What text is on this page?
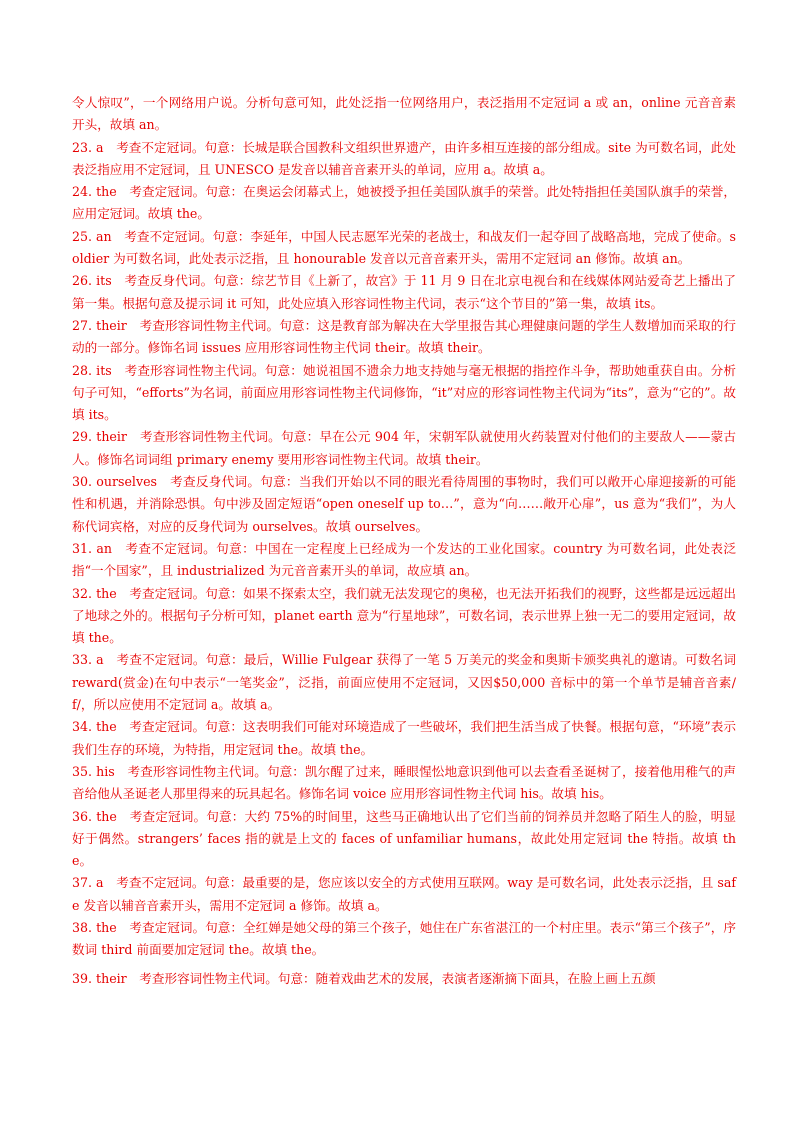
令人惊叹”，一个网络用户说。分析句意可知，此处泛指一位网络用户，表泛指用不定冠词 a 或 an，online 元音音素开头，故填 an。

23. a　考查不定冠词。句意：长城是联合国教科文组织世界遗产，由许多相互连接的部分组成。site 为可数名词，此处表泛指应用不定冠词，且 UNESCO 是发音以辅音音素开头的单词，应用 a。故填 a。

24. the　考查定冠词。句意：在奥运会闭幕式上，她被授予担任美国队旗手的荣誉。此处特指担任美国队旗手的荣誉，应用定冠词。故填 the。

25. an　考查不定冠词。句意：李延年，中国人民志愿军光荣的老战士，和战友们一起夺回了战略高地，完成了使命。soldier 为可数名词，此处表示泛指，且 honourable 发音以元音音素开头，需用不定冠词 an 修饰。故填 an。

26. its　考查反身代词。句意：综艺节目《上新了，故宫》于 11 月 9 日在北京电视台和在线媒体网站爱奇艺上播出了第一集。根据句意及提示词 it 可知，此处应填入形容词性物主代词，表示“这个节目的”第一集，故填 its。

27. their　考查形容词性物主代词。句意：这是教育部为解决在大学里报告其心理健康问题的学生人数增加而采取的行动的一部分。修饰名词 issues 应用形容词性物主代词 their。故填 their。

28. its　考查形容词性物主代词。句意：她说祖国不遗余力地支持她与毫无根据的指控作斗争，帮助她重获自由。分析句子可知，“efforts”为名词，前面应用形容词性物主代词修饰，“it”对应的形容词性物主代词为“its”，意为“它的”。故填 its。

29. their　考查形容词性物主代词。句意：早在公元 904 年，宋朝军队就使用火药装置对付他们的主要敌人——蒙古人。修饰名词词组 primary enemy 要用形容词性物主代词。故填 their。

30. ourselves　考查反身代词。句意：当我们开始以不同的眼光看待周围的事物时，我们可以敞开心扉迎接新的可能性和机遇，并消除恐惧。句中涉及固定短语“open oneself up to…”，意为“向……敞开心扉”，us 意为“我们”，为人称代词宾格，对应的反身代词为 ourselves。故填 ourselves。

31. an　考查不定冠词。句意：中国在一定程度上已经成为一个发达的工业化国家。country 为可数名词，此处表泛指“一个国家”，且 industrialized 为元音音素开头的单词，故应填 an。

32. the　考查定冠词。句意：如果不探索太空，我们就无法发现它的奥秘，也无法开拓我们的视野，这些都是远远超出了地球之外的。根据句子分析可知，planet earth 意为“行星地球”，可数名词，表示世界上独一无二的要用定冠词，故填 the。

33. a　考查不定冠词。句意：最后，Willie Fulgear 获得了一笔 5 万美元的奖金和奥斯卡颁奖典礼的邀请。可数名词 reward(赏金)在句中表示“一笔奖金”，泛指，前面应使用不定冠词，又因$50,000 音标中的第一个单节是辅音音素/f/，所以应使用不定冠词 a。故填 a。

34. the　考查定冠词。句意：这表明我们可能对环境造成了一些破坏，我们把生活当成了快餐。根据句意，“环境”表示我们生存的环境，为特指，用定冠词 the。故填 the。

35. his　考查形容词性物主代词。句意：凯尔醒了过来，睡眼惺忪地意识到他可以去查看圣诞树了，接着他用稚气的声音给他从圣诞老人那里得来的玩具起名。修饰名词 voice 应用形容词性物主代词 his。故填 his。

36. the　考查定冠词。句意：大约 75%的时间里，这些马正确地认出了它们当前的饲养员并忽略了陌生人的脸，明显好于偶然。strangers’ faces 指的就是上文的 faces of unfamiliar humans，故此处用定冠词 the 特指。故填 the。

37. a　考查不定冠词。句意：最重要的是，您应该以安全的方式使用互联网。way 是可数名词，此处表示泛指，且 safe 发音以辅音音素开头，需用不定冠词 a 修饰。故填 a。

38. the　考查定冠词。句意：全红婵是她父母的第三个孩子，她住在广东省湛江的一个村庄里。表示“第三个孩子”，序数词 third 前面要加定冠词 the。故填 the。

39. their　考查形容词性物主代词。句意：随着戏曲艺术的发展，表演者逐渐摘下面具，在脸上画上五颜
